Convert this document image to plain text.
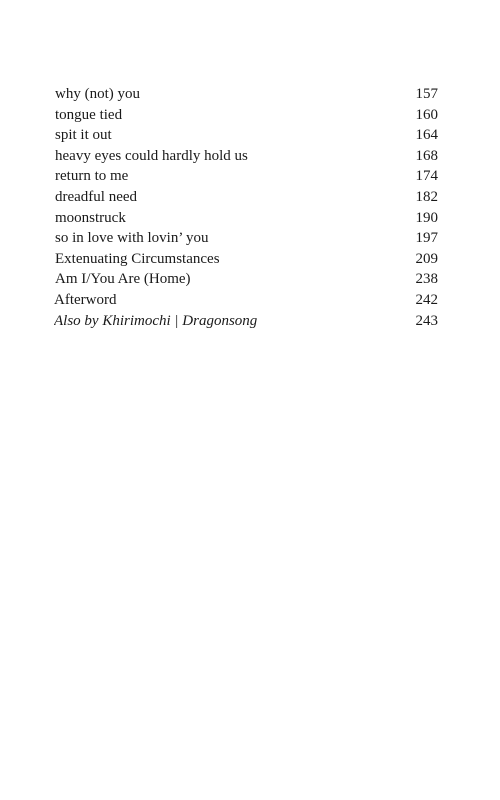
why (not) you	157
tongue tied	160
spit it out	164
heavy eyes could hardly hold us	168
return to me	174
dreadful need	182
moonstruck	190
so in love with lovin’ you	197
Extenuating Circumstances	209
Am I/You Are (Home)	238
Afterword	242
Also by Khirimochi | Dragonsong	243
